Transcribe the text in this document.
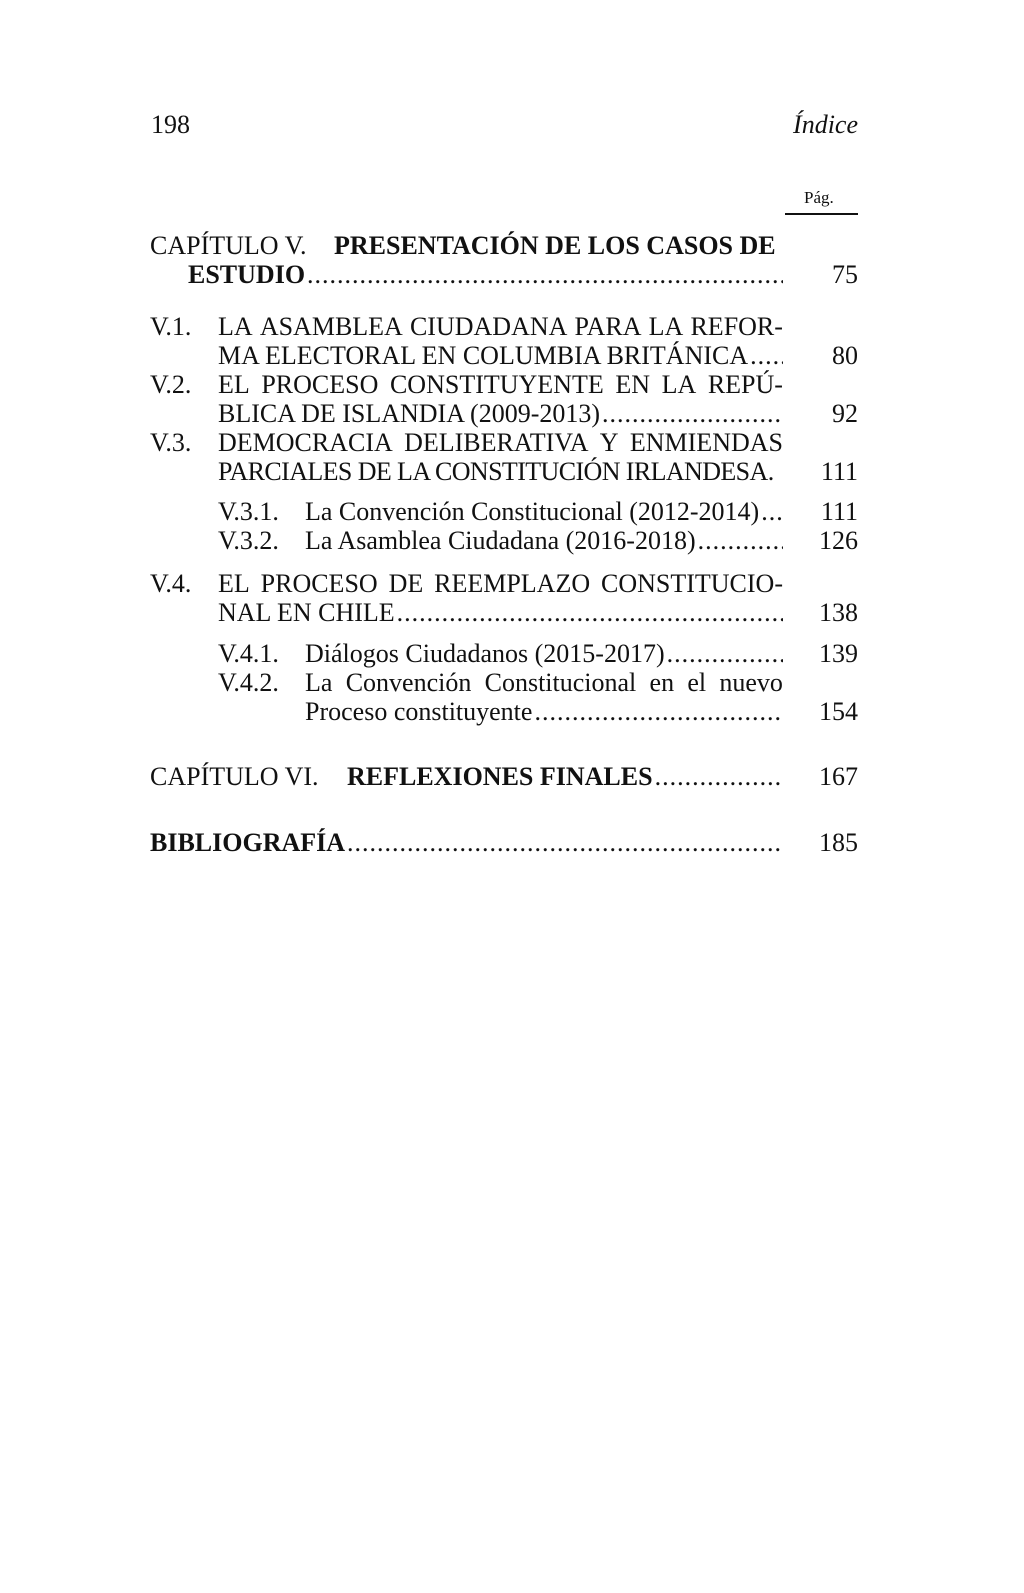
198	Índice
Pág.
CAPÍTULO V. PRESENTACIÓN DE LOS CASOS DE
ESTUDIO .....	75
V.1. LA ASAMBLEA CIUDADANA PARA LA REFOR-
MA ELECTORAL EN COLUMBIA BRITÁNICA .....	80
V.2. EL PROCESO CONSTITUYENTE EN LA REPÚ-
BLICA DE ISLANDIA (2009-2013) .....	92
V.3. DEMOCRACIA DELIBERATIVA Y ENMIENDAS
PARCIALES DE LA CONSTITUCIÓN IRLANDESA.	111
V.3.1. La Convención Constitucional (2012-2014) .....	111
V.3.2. La Asamblea Ciudadana (2016-2018) .....	126
V.4. EL PROCESO DE REEMPLAZO CONSTITUCIO-
NAL EN CHILE .....	138
V.4.1. Diálogos Ciudadanos (2015-2017) .....	139
V.4.2. La Convención Constitucional en el nuevo
Proceso constituyente .....	154
CAPÍTULO VI. REFLEXIONES FINALES .....	167
BIBLIOGRAFÍA .....	185
